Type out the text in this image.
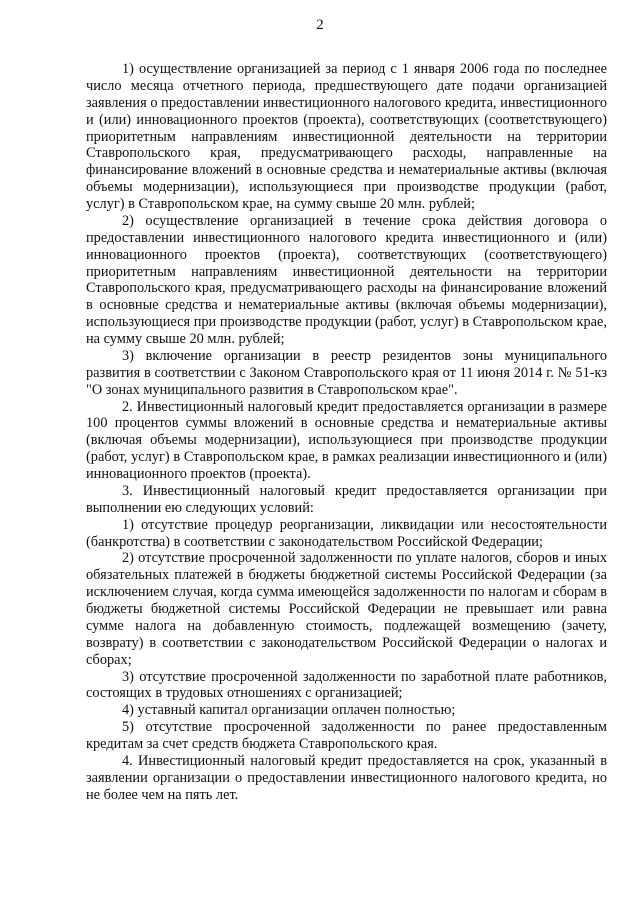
2

1) осуществление организацией за период с 1 января 2006 года по последнее число месяца отчетного периода, предшествующего дате подачи организацией заявления о предоставлении инвестиционного налогового кредита, инвестиционного и (или) инновационного проектов (проекта), соответствующих (соответствующего) приоритетным направлениям инвестиционной деятельности на территории Ставропольского края, предусматривающего расходы, направленные на финансирование вложений в основные средства и нематериальные активы (включая объемы модернизации), использующиеся при производстве продукции (работ, услуг) в Ставропольском крае, на сумму свыше 20 млн. рублей;

2) осуществление организацией в течение срока действия договора о предоставлении инвестиционного налогового кредита инвестиционного и (или) инновационного проектов (проекта), соответствующих (соответствующего) приоритетным направлениям инвестиционной деятельности на территории Ставропольского края, предусматривающего расходы на финансирование вложений в основные средства и нематериальные активы (включая объемы модернизации), использующиеся при производстве продукции (работ, услуг) в Ставропольском крае, на сумму свыше 20 млн. рублей;

3) включение организации в реестр резидентов зоны муниципального развития в соответствии с Законом Ставропольского края от 11 июня 2014 г. № 51-кз "О зонах муниципального развития в Ставропольском крае".

2. Инвестиционный налоговый кредит предоставляется организации в размере 100 процентов суммы вложений в основные средства и нематериальные активы (включая объемы модернизации), использующиеся при производстве продукции (работ, услуг) в Ставропольском крае, в рамках реализации инвестиционного и (или) инновационного проектов (проекта).

3. Инвестиционный налоговый кредит предоставляется организации при выполнении ею следующих условий:

1) отсутствие процедур реорганизации, ликвидации или несостоятельности (банкротства) в соответствии с законодательством Российской Федерации;

2) отсутствие просроченной задолженности по уплате налогов, сборов и иных обязательных платежей в бюджеты бюджетной системы Российской Федерации (за исключением случая, когда сумма имеющейся задолженности по налогам и сборам в бюджеты бюджетной системы Российской Федерации не превышает или равна сумме налога на добавленную стоимость, подлежащей возмещению (зачету, возврату) в соответствии с законодательством Российской Федерации о налогах и сборах;

3) отсутствие просроченной задолженности по заработной плате работников, состоящих в трудовых отношениях с организацией;

4) уставный капитал организации оплачен полностью;

5) отсутствие просроченной задолженности по ранее предоставленным кредитам за счет средств бюджета Ставропольского края.

4. Инвестиционный налоговый кредит предоставляется на срок, указанный в заявлении организации о предоставлении инвестиционного налогового кредита, но не более чем на пять лет.
